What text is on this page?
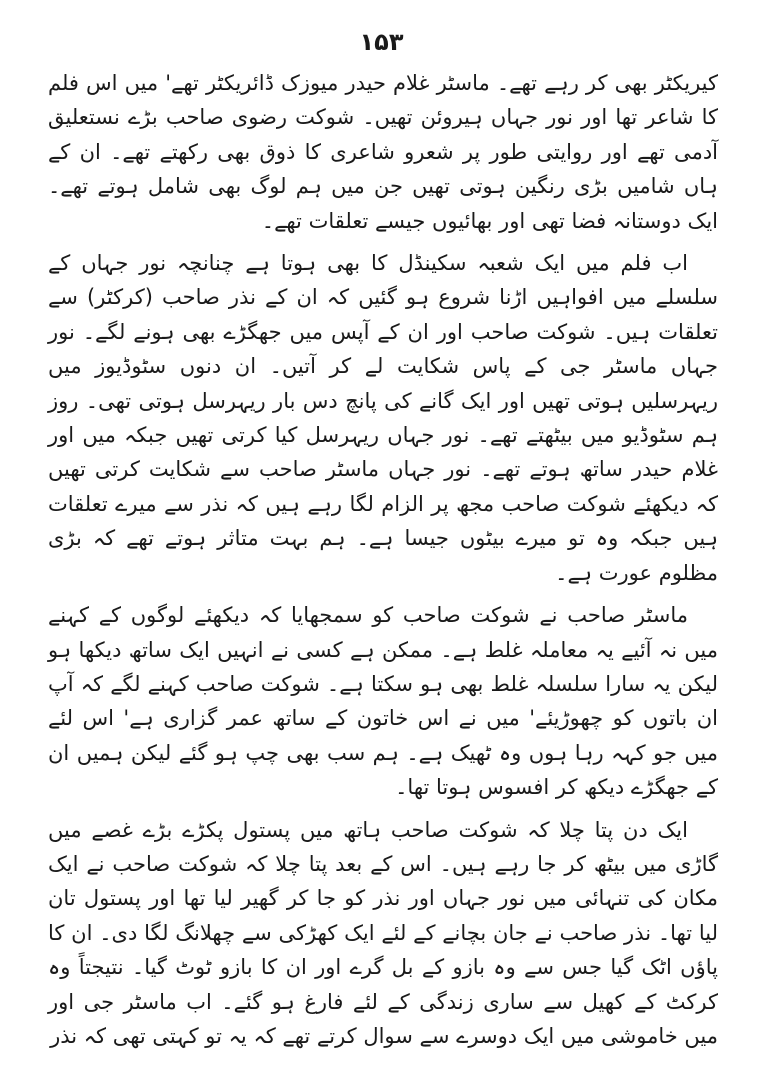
۱۵۳

کیریکٹر بھی کر رہے تھے۔ ماسٹر غلام حیدر میوزک ڈائریکٹر تھے' میں اس فلم کا شاعر تھا اور نور جہاں ہیروئن تھیں۔ شوکت رضوی صاحب بڑے نستعلیق آدمی تھے اور روایتی طور پر شعرو شاعری کا ذوق بھی رکھتے تھے۔ ان کے ہاں شامیں بڑی رنگین ہوتی تھیں جن میں ہم لوگ بھی شامل ہوتے تھے۔ ایک دوستانہ فضا تھی اور بھائیوں جیسے تعلقات تھے۔

اب فلم میں ایک شعبہ سکینڈل کا بھی ہوتا ہے چنانچہ نور جہاں کے سلسلے میں افواہیں اڑنا شروع ہو گئیں کہ ان کے نذر صاحب (کرکٹر) سے تعلقات ہیں۔ شوکت صاحب اور ان کے آپس میں جھگڑے بھی ہونے لگے۔ نور جہاں ماسٹر جی کے پاس شکایت لے کر آتیں۔ ان دنوں سٹوڈیوز میں ریہرسلیں ہوتی تھیں اور ایک گانے کی پانچ دس بار ریہرسل ہوتی تھی۔ روز ہم سٹوڈیو میں بیٹھتے تھے۔ نور جہاں ریہرسل کیا کرتی تھیں جبکہ میں اور غلام حیدر ساتھ ہوتے تھے۔ نور جہاں ماسٹر صاحب سے شکایت کرتی تھیں کہ دیکھئے شوکت صاحب مجھ پر الزام لگا رہے ہیں کہ نذر سے میرے تعلقات ہیں جبکہ وہ تو میرے بیٹوں جیسا ہے۔ ہم بہت متاثر ہوتے تھے کہ بڑی مظلوم عورت ہے۔

ماسٹر صاحب نے شوکت صاحب کو سمجھایا کہ دیکھئے لوگوں کے کہنے میں نہ آئیے یہ معاملہ غلط ہے۔ ممکن ہے کسی نے انہیں ایک ساتھ دیکھا ہو لیکن یہ سارا سلسلہ غلط بھی ہو سکتا ہے۔ شوکت صاحب کہنے لگے کہ آپ ان باتوں کو چھوڑیئے' میں نے اس خاتون کے ساتھ عمر گزاری ہے' اس لئے میں جو کہہ رہا ہوں وہ ٹھیک ہے۔ ہم سب بھی چپ ہو گئے لیکن ہمیں ان کے جھگڑے دیکھ کر افسوس ہوتا تھا۔

ایک دن پتا چلا کہ شوکت صاحب ہاتھ میں پستول پکڑے بڑے غصے میں گاڑی میں بیٹھ کر جا رہے ہیں۔ اس کے بعد پتا چلا کہ شوکت صاحب نے ایک مکان کی تنہائی میں نور جہاں اور نذر کو جا کر گھیر لیا تھا اور پستول تان لیا تھا۔ نذر صاحب نے جان بچانے کے لئے ایک کھڑکی سے چھلانگ لگا دی۔ ان کا پاؤں اٹک گیا جس سے وہ بازو کے بل گرے اور ان کا بازو ٹوٹ گیا۔ نتیجتاً وہ کرکٹ کے کھیل سے ساری زندگی کے لئے فارغ ہو گئے۔ اب ماسٹر جی اور میں خاموشی میں ایک دوسرے سے سوال کرتے تھے کہ یہ تو کہتی تھی کہ نذر
